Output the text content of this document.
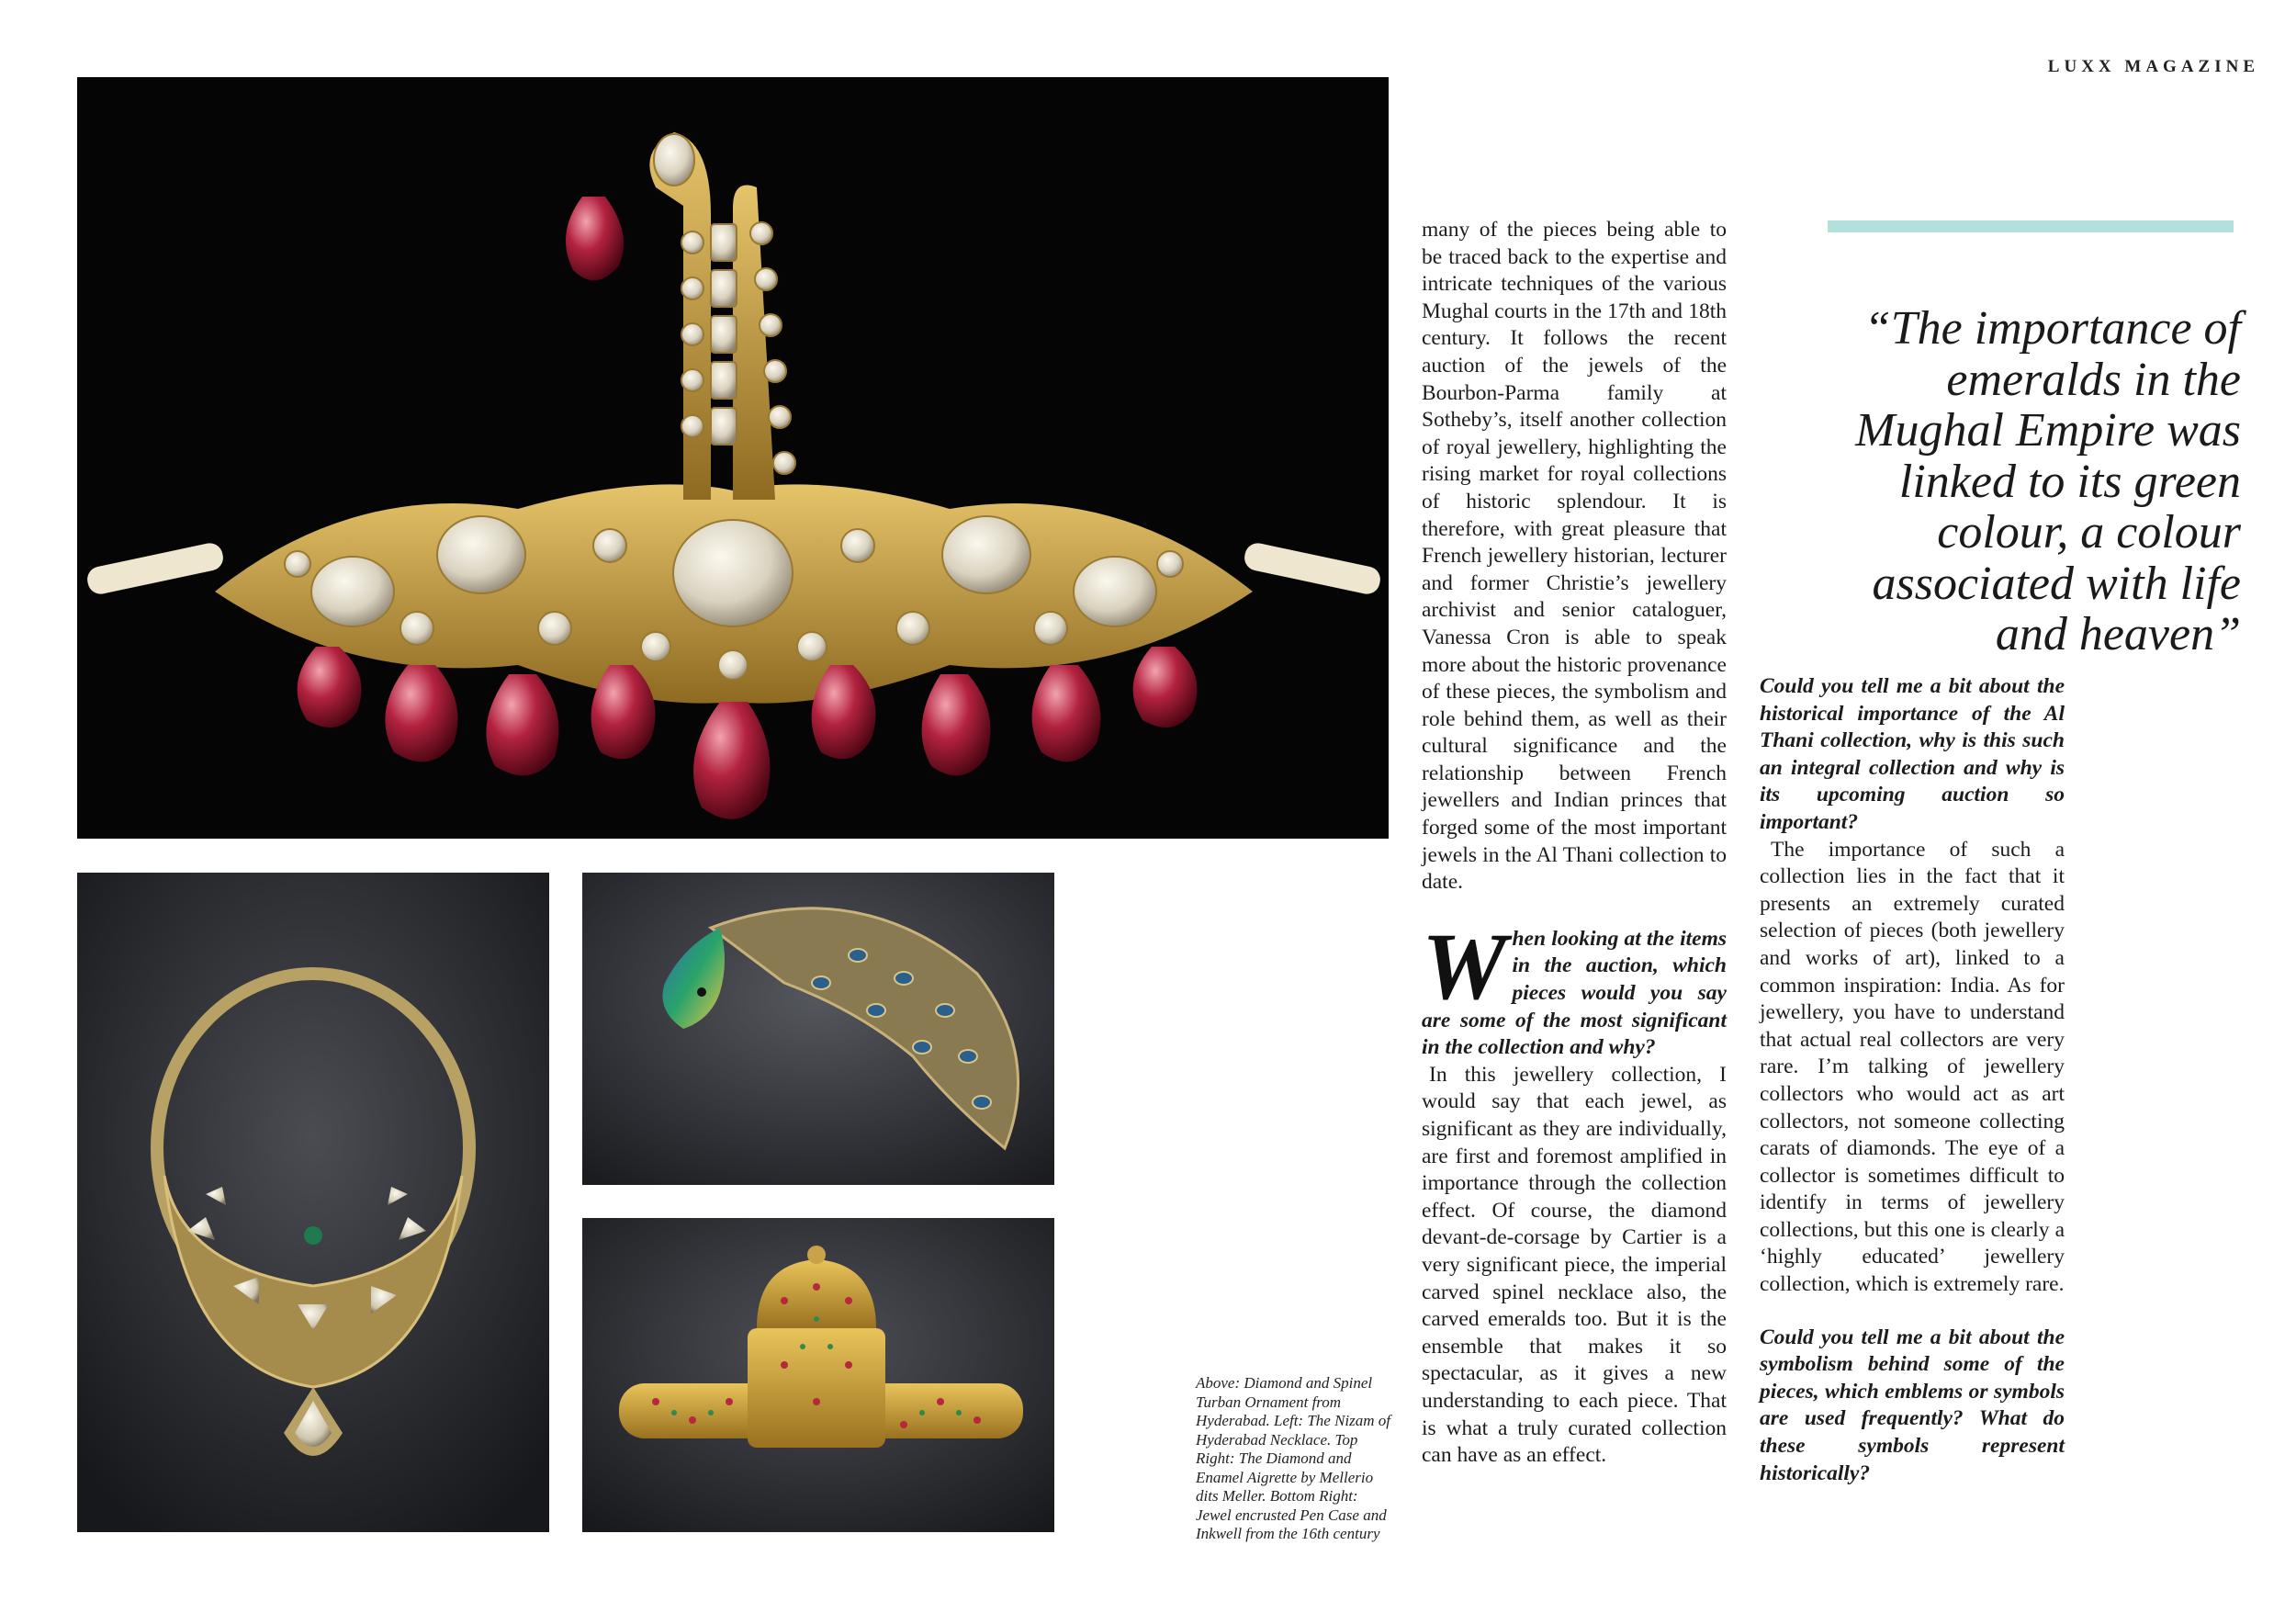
LUXX MAGAZINE
Above: Diamond and Spinel Turban Ornament from Hyderabad. Left: The Nizam of Hyderabad Necklace. Top Right: The Diamond and Enamel Aigrette by Mellerio dits Meller. Bottom Right: Jewel encrusted Pen Case and Inkwell from the 16th century

many of the pieces being able to be traced back to the expertise and intricate techniques of the various Mughal courts in the 17th and 18th century. It follows the recent auction of the jewels of the Bourbon-Parma family at Sotheby’s, itself another collection of royal jewellery, highlighting the rising market for royal collections of historic splendour. It is therefore, with great pleasure that French jewellery historian, lecturer and former Christie’s jewellery archivist and senior cataloguer, Vanessa Cron is able to speak more about the historic provenance of these pieces, the symbolism and role behind them, as well as their cultural significance and the relationship between French jewellers and Indian princes that forged some of the most important jewels in the Al Thani collection to date.

When looking at the items in the auction, which pieces would you say are some of the most significant in the collection and why?

In this jewellery collection, I would say that each jewel, as significant as they are individually, are first and foremost amplified in importance through the collection effect. Of course, the diamond devant-de-corsage by Cartier is a very significant piece, the imperial carved spinel necklace also, the carved emeralds too. But it is the ensemble that makes it so spectacular, as it gives a new understanding to each piece. That is what a truly curated collection can have as an effect.

“The importance of emeralds in the Mughal Empire was linked to its green colour, a colour associated with life and heaven”

Could you tell me a bit about the historical importance of the Al Thani collection, why is this such an integral collection and why is its upcoming auction so important?

The importance of such a collection lies in the fact that it presents an extremely curated selection of pieces (both jewellery and works of art), linked to a common inspiration: India. As for jewellery, you have to understand that actual real collectors are very rare. I’m talking of jewellery collectors who would act as art collectors, not someone collecting carats of diamonds. The eye of a collector is sometimes difficult to identify in terms of jewellery collections, but this one is clearly a ‘highly educated’ jewellery collection, which is extremely rare.

Could you tell me a bit about the symbolism behind some of the pieces, which emblems or symbols are used frequently? What do these symbols represent historically?
